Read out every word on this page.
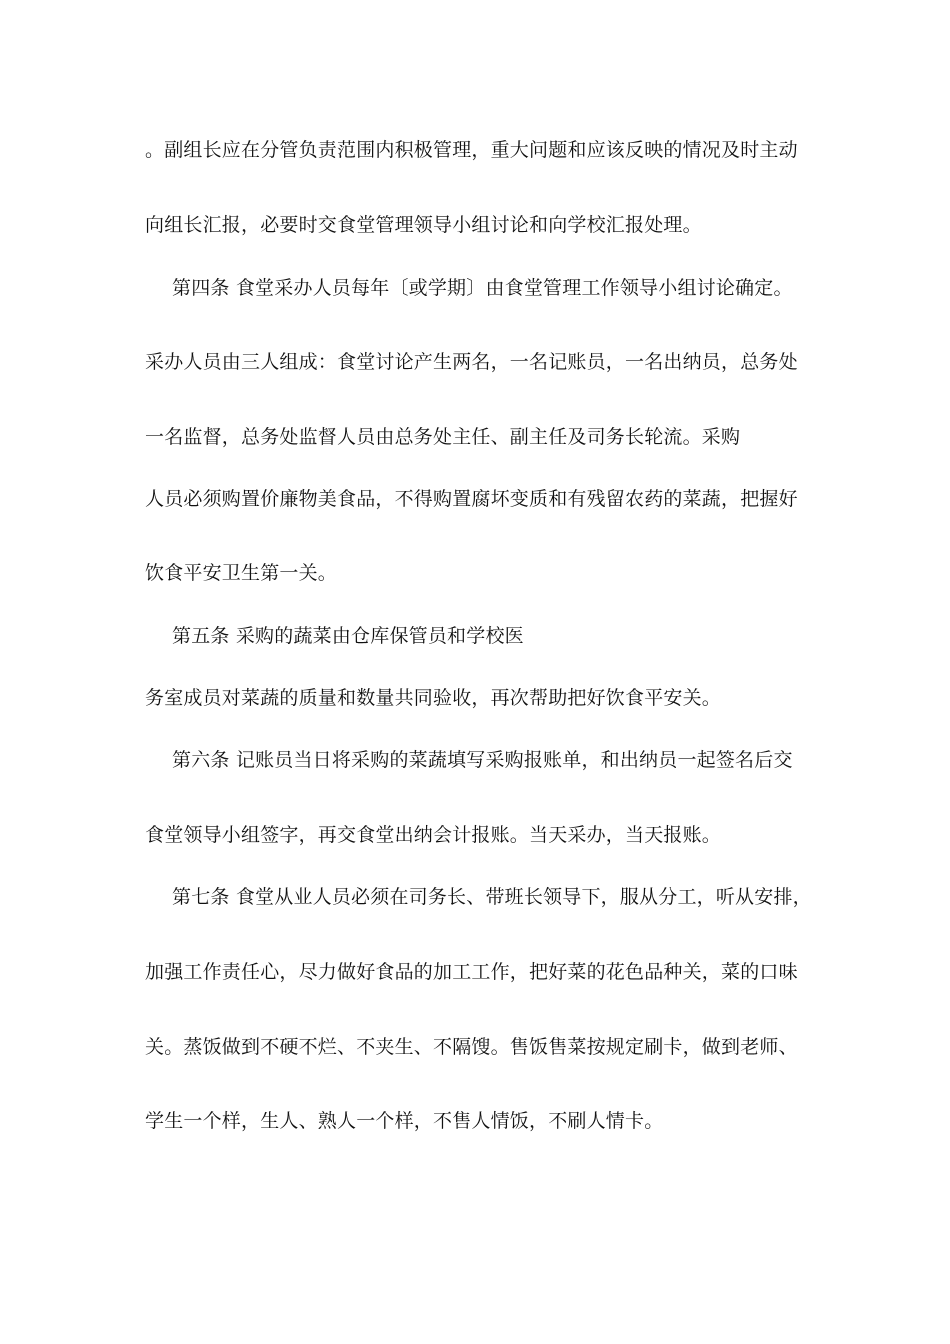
。副组长应在分管负责范围内积极管理，重大问题和应该反映的情况及时主动
向组长汇报，必要时交食堂管理领导小组讨论和向学校汇报处理。
第四条 食堂采办人员每年〔或学期〕由食堂管理工作领导小组讨论确定。
采办人员由三人组成：食堂讨论产生两名，一名记账员，一名出纳员，总务处
一名监督，总务处监督人员由总务处主任、副主任及司务长轮流。采购
人员必须购置价廉物美食品，不得购置腐坏变质和有残留农药的菜蔬，把握好
饮食平安卫生第一关。
第五条 采购的蔬菜由仓库保管员和学校医
务室成员对菜蔬的质量和数量共同验收，再次帮助把好饮食平安关。
第六条 记账员当日将采购的菜蔬填写采购报账单，和出纳员一起签名后交
食堂领导小组签字，再交食堂出纳会计报账。当天采办，当天报账。
第七条 食堂从业人员必须在司务长、带班长领导下，服从分工，听从安排，
加强工作责任心，尽力做好食品的加工工作，把好菜的花色品种关，菜的口味
关。蒸饭做到不硬不烂、不夹生、不隔馊。售饭售菜按规定刷卡，做到老师、
学生一个样，生人、熟人一个样，不售人情饭，不刷人情卡。
